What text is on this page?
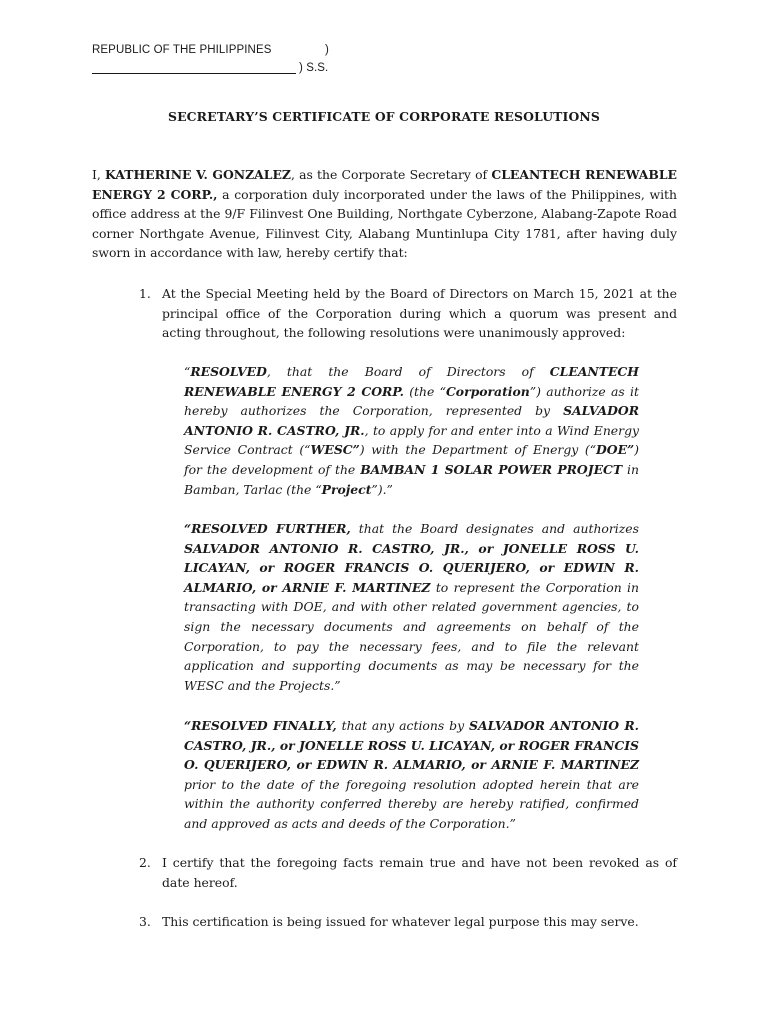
REPUBLIC OF THE PHILIPPINES	)
) S.S.
SECRETARY’S CERTIFICATE OF CORPORATE RESOLUTIONS

I, KATHERINE V. GONZALEZ, as the Corporate Secretary of CLEANTECH RENEWABLE ENERGY 2 CORP., a corporation duly incorporated under the laws of the Philippines, with office address at the 9/F Filinvest One Building, Northgate Cyberzone, Alabang-Zapote Road corner Northgate Avenue, Filinvest City, Alabang Muntinlupa City 1781, after having duly sworn in accordance with law, hereby certify that:

1. At the Special Meeting held by the Board of Directors on March 15, 2021 at the principal office of the Corporation during which a quorum was present and acting throughout, the following resolutions were unanimously approved:

“RESOLVED, that the Board of Directors of CLEANTECH RENEWABLE ENERGY 2 CORP. (the “Corporation”) authorize as it hereby authorizes the Corporation, represented by SALVADOR ANTONIO R. CASTRO, JR., to apply for and enter into a Wind Energy Service Contract (“WESC”) with the Department of Energy (“DOE”) for the development of the BAMBAN 1 SOLAR POWER PROJECT in Bamban, Tarlac (the “Project”).”

“RESOLVED FURTHER, that the Board designates and authorizes SALVADOR ANTONIO R. CASTRO, JR., or JONELLE ROSS U. LICAYAN, or ROGER FRANCIS O. QUERIJERO, or EDWIN R. ALMARIO, or ARNIE F. MARTINEZ to represent the Corporation in transacting with DOE, and with other related government agencies, to sign the necessary documents and agreements on behalf of the Corporation, to pay the necessary fees, and to file the relevant application and supporting documents as may be necessary for the WESC and the Projects.”

“RESOLVED FINALLY, that any actions by SALVADOR ANTONIO R. CASTRO, JR., or JONELLE ROSS U. LICAYAN, or ROGER FRANCIS O. QUERIJERO, or EDWIN R. ALMARIO, or ARNIE F. MARTINEZ prior to the date of the foregoing resolution adopted herein that are within the authority conferred thereby are hereby ratified, confirmed and approved as acts and deeds of the Corporation.”

2. I certify that the foregoing facts remain true and have not been revoked as of date hereof.

3. This certification is being issued for whatever legal purpose this may serve.
